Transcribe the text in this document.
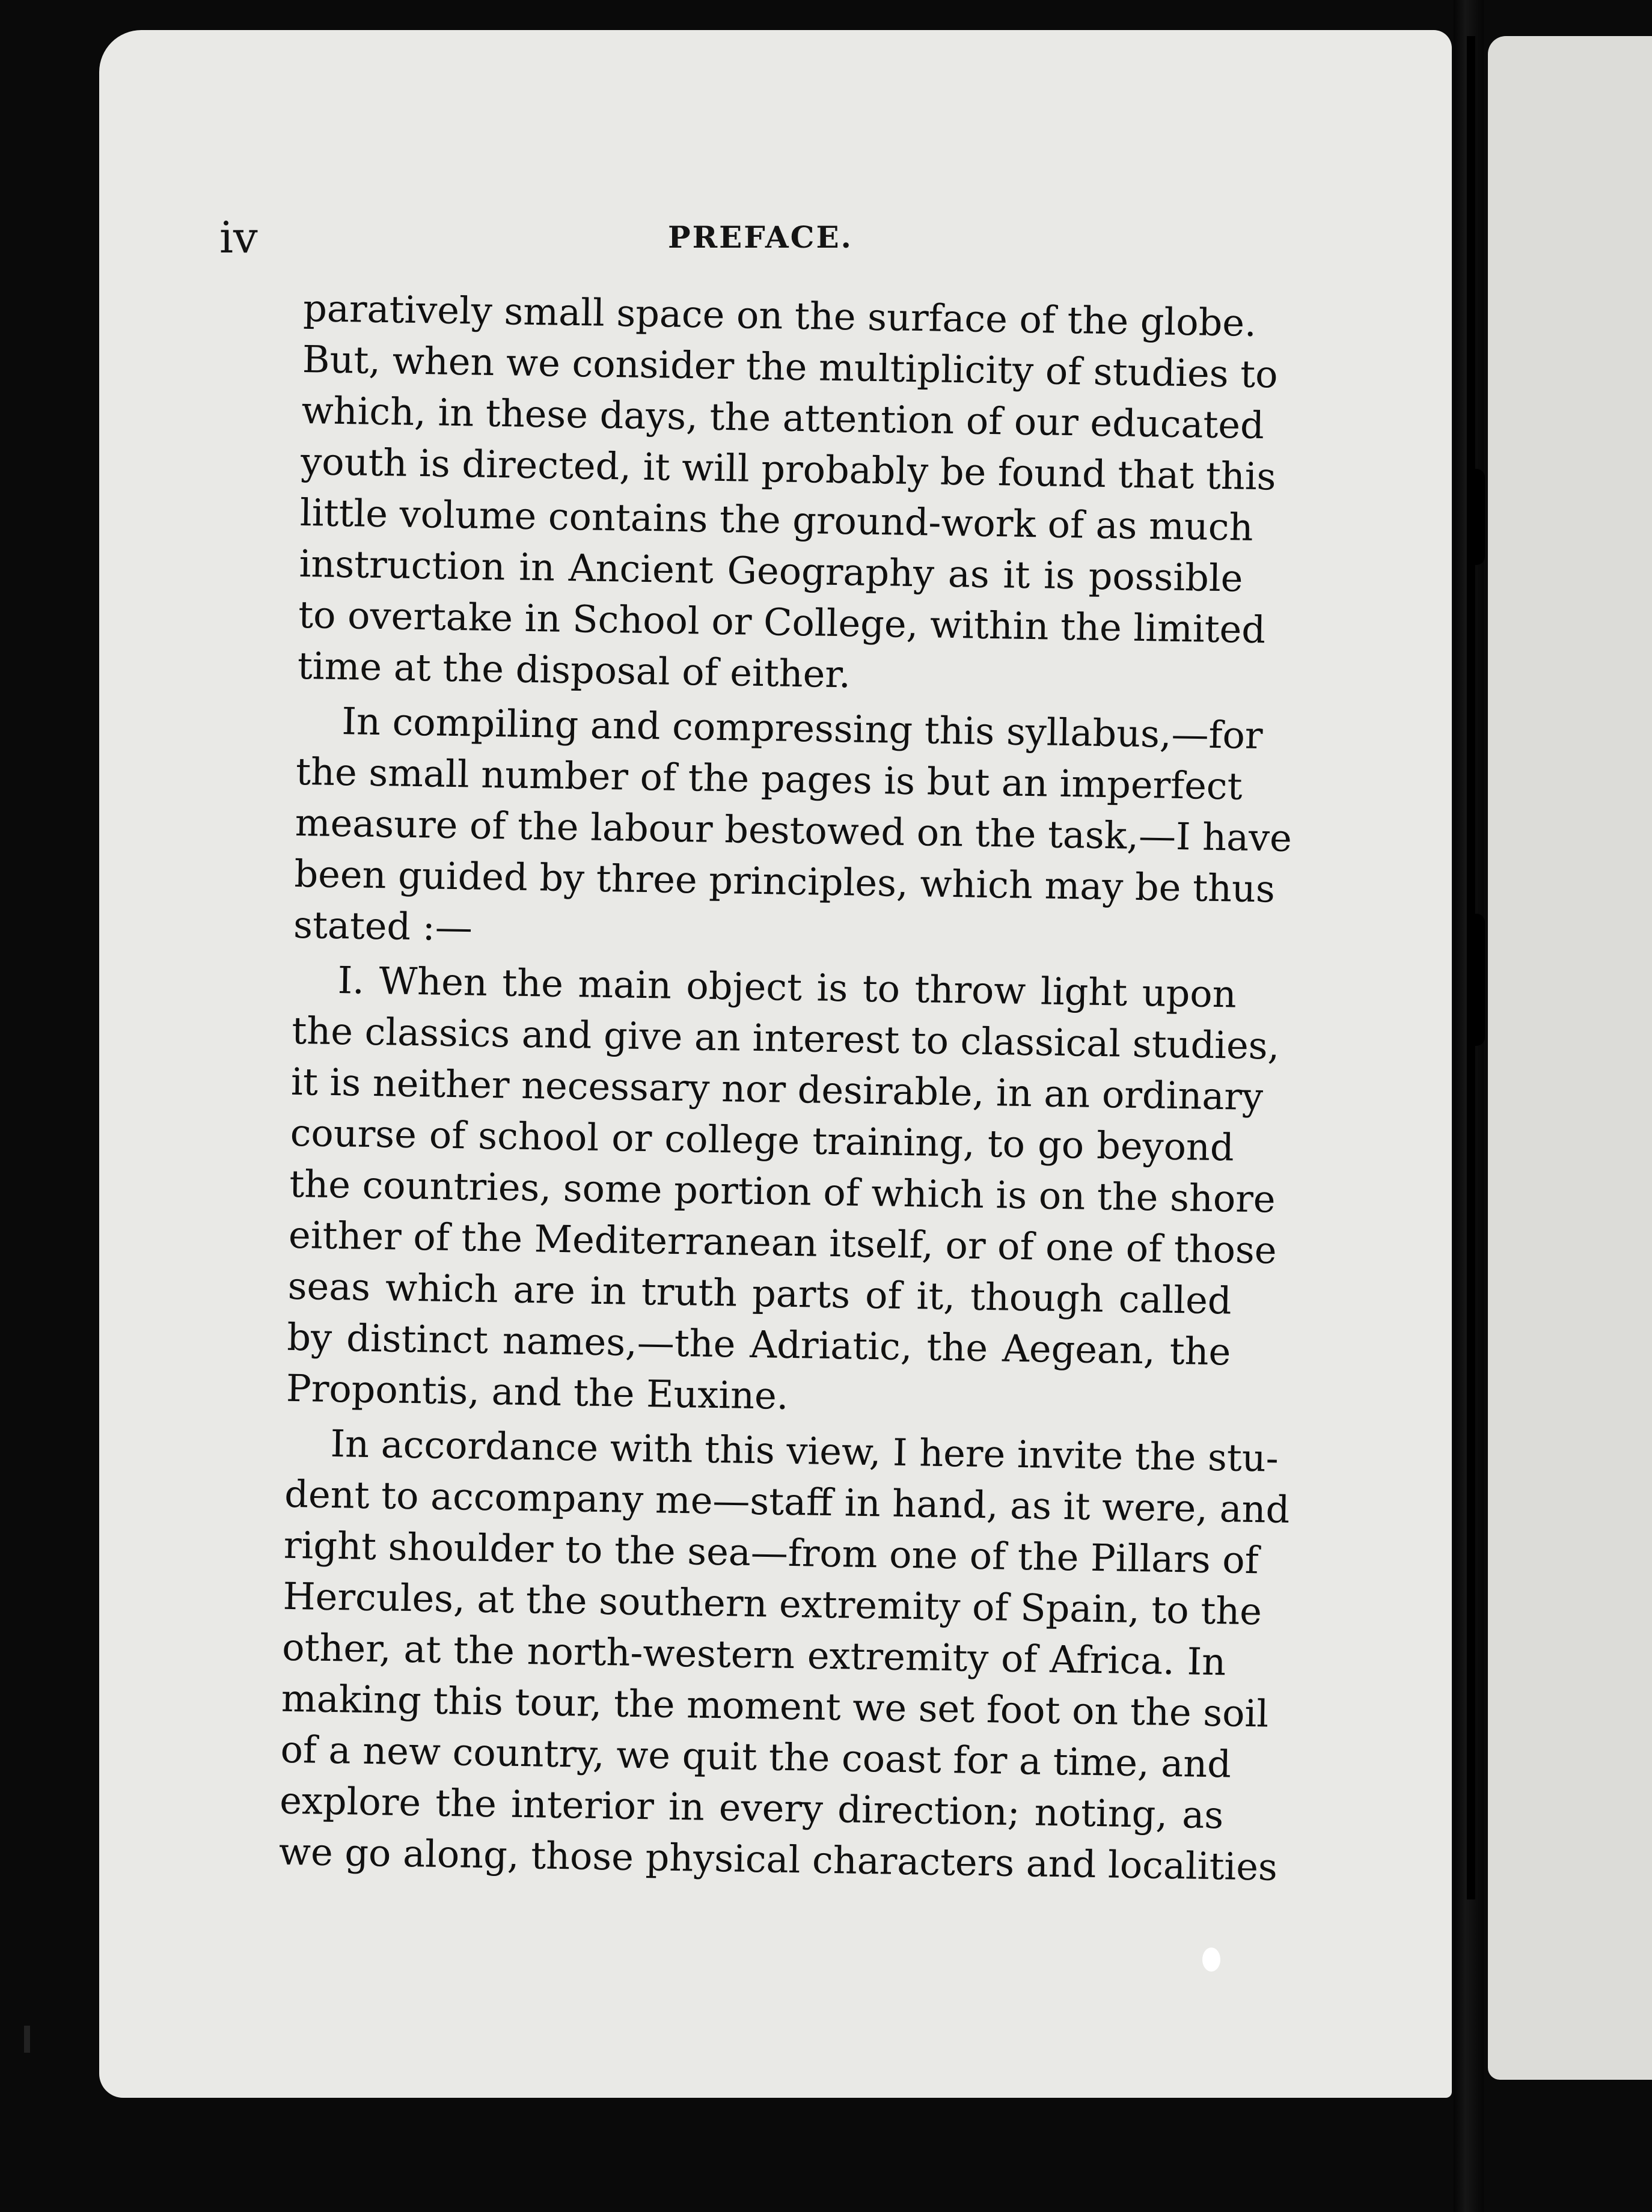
iv	PREFACE.

paratively small space on the surface of the globe.
But, when we consider the multiplicity of studies to
which, in these days, the attention of our educated
youth is directed, it will probably be found that this
little volume contains the ground-work of as much
instruction in Ancient Geography as it is possible
to overtake in School or College, within the limited
time at the disposal of either.

In compiling and compressing this syllabus,—for
the small number of the pages is but an imperfect
measure of the labour bestowed on the task,—I have
been guided by three principles, which may be thus
stated :—

I. When the main object is to throw light upon
the classics and give an interest to classical studies,
it is neither necessary nor desirable, in an ordinary
course of school or college training, to go beyond
the countries, some portion of which is on the shore
either of the Mediterranean itself, or of one of those
seas which are in truth parts of it, though called
by distinct names,—the Adriatic, the Aegean, the
Propontis, and the Euxine.

In accordance with this view, I here invite the stu-
dent to accompany me—staff in hand, as it were, and
right shoulder to the sea—from one of the Pillars of
Hercules, at the southern extremity of Spain, to the
other, at the north-western extremity of Africa. In
making this tour, the moment we set foot on the soil
of a new country, we quit the coast for a time, and
explore the interior in every direction; noting, as
we go along, those physical characters and localities
